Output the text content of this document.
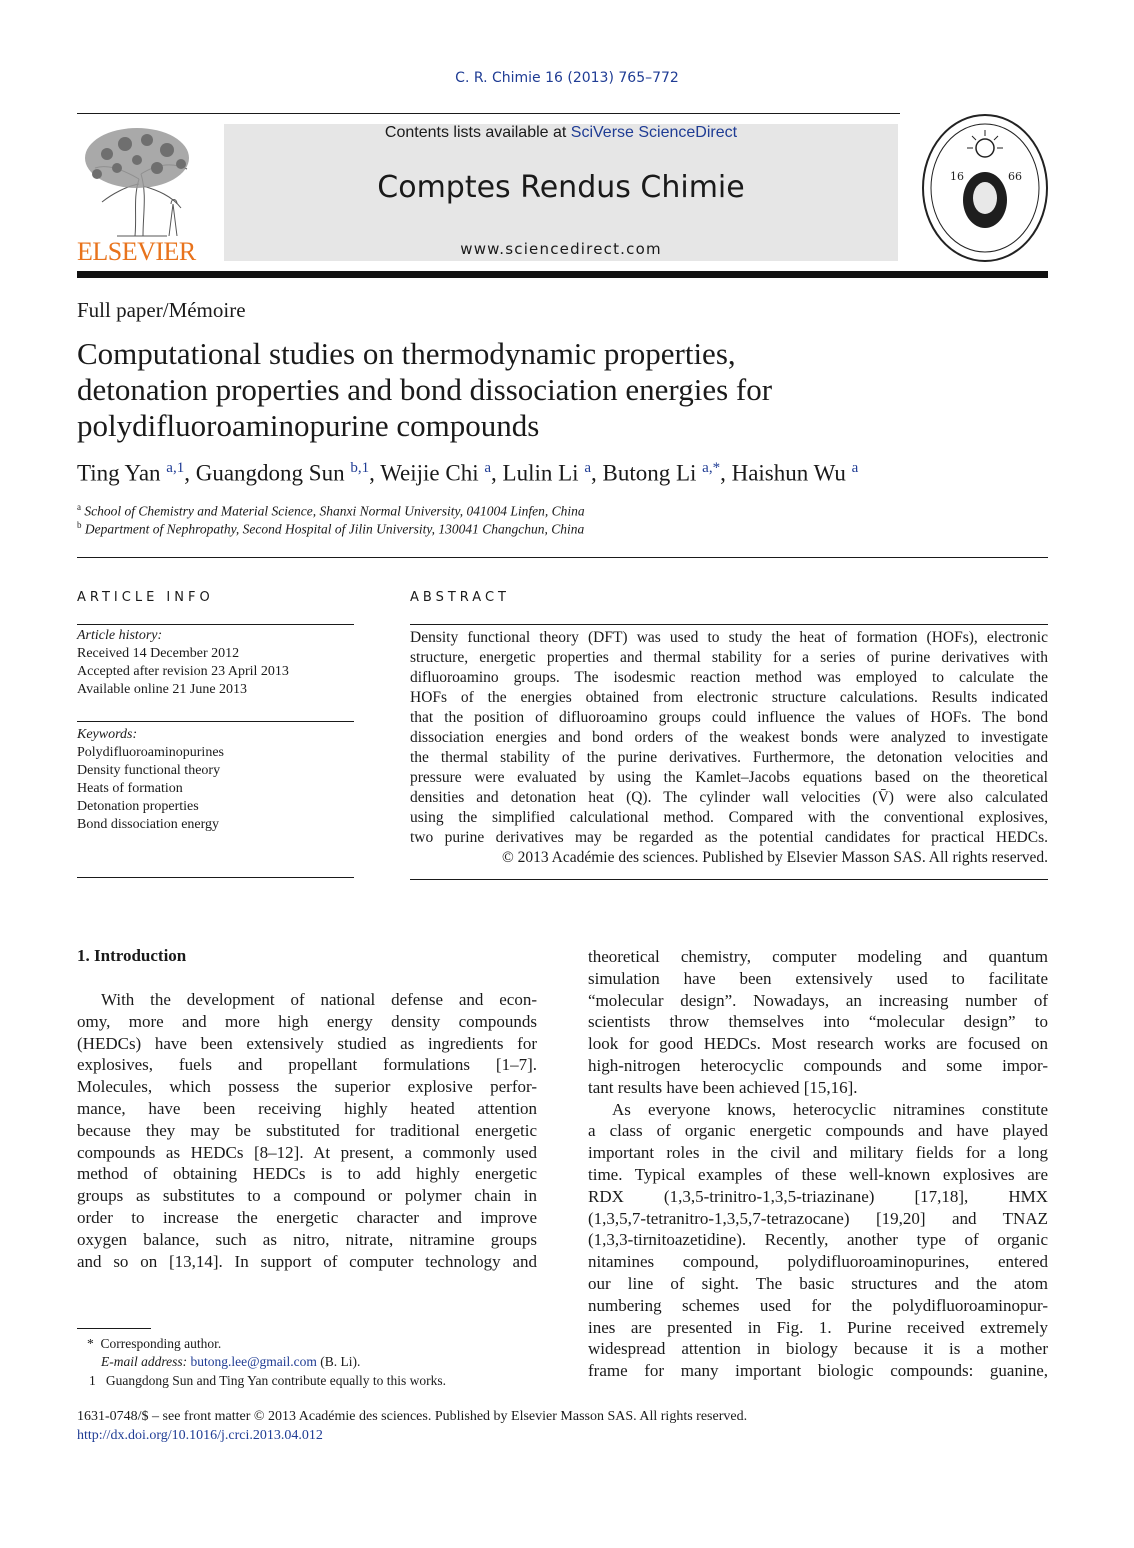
C. R. Chimie 16 (2013) 765–772
ELSEVIER
Contents lists available at SciVerse ScienceDirect
Comptes Rendus Chimie
www.sciencedirect.com
16	66
Full paper/Mémoire
Computational studies on thermodynamic properties,
detonation properties and bond dissociation energies for
polydifluoroaminopurine compounds
Ting Yan $^{a,1}$, Guangdong Sun $^{b,1}$, Weijie Chi $^a$, Lulin Li $^a$, Butong Li $^{a,*}$, Haishun Wu $^a$
$^a$ School of Chemistry and Material Science, Shanxi Normal University, 041004 Linfen, China
$^b$ Department of Nephropathy, Second Hospital of Jilin University, 130041 Changchun, China
ARTICLE INFO
Article history:
Received 14 December 2012
Accepted after revision 23 April 2013
Available online 21 June 2013
Keywords:
Polydifluoroaminopurines
Density functional theory
Heats of formation
Detonation properties
Bond dissociation energy
ABSTRACT
Density functional theory (DFT) was used to study the heat of formation (HOFs), electronic
structure, energetic properties and thermal stability for a series of purine derivatives with
difluoroamino groups. The isodesmic reaction method was employed to calculate the
HOFs of the energies obtained from electronic structure calculations. Results indicated
that the position of difluoroamino groups could influence the values of HOFs. The bond
dissociation energies and bond orders of the weakest bonds were analyzed to investigate
the thermal stability of the purine derivatives. Furthermore, the detonation velocities and
pressure were evaluated by using the Kamlet–Jacobs equations based on the theoretical
densities and detonation heat (Q). The cylinder wall velocities (V̄) were also calculated
using the simplified calculational method. Compared with the conventional explosives,
two purine derivatives may be regarded as the potential candidates for practical HEDCs.
© 2013 Académie des sciences. Published by Elsevier Masson SAS. All rights reserved.
1. Introduction
With the development of national defense and econ-
omy, more and more high energy density compounds
(HEDCs) have been extensively studied as ingredients for
explosives, fuels and propellant formulations [1–7].
Molecules, which possess the superior explosive perfor-
mance, have been receiving highly heated attention
because they may be substituted for traditional energetic
compounds as HEDCs [8–12]. At present, a commonly used
method of obtaining HEDCs is to add highly energetic
groups as substitutes to a compound or polymer chain in
order to increase the energetic character and improve
oxygen balance, such as nitro, nitrate, nitramine groups
and so on [13,14]. In support of computer technology and
theoretical chemistry, computer modeling and quantum
simulation have been extensively used to facilitate
“molecular design”. Nowadays, an increasing number of
scientists throw themselves into “molecular design” to
look for good HEDCs. Most research works are focused on
high-nitrogen heterocyclic compounds and some impor-
tant results have been achieved [15,16].
As everyone knows, heterocyclic nitramines constitute
a class of organic energetic compounds and have played
important roles in the civil and military fields for a long
time. Typical examples of these well-known explosives are
RDX (1,3,5-trinitro-1,3,5-triazinane) [17,18], HMX
(1,3,5,7-tetranitro-1,3,5,7-tetrazocane) [19,20] and TNAZ
(1,3,3-tirnitoazetidine). Recently, another type of organic
nitamines compound, polydifluoroaminopurines, entered
our line of sight. The basic structures and the atom
numbering schemes used for the polydifluoroaminopur-
ines are presented in Fig. 1. Purine received extremely
widespread attention in biology because it is a mother
frame for many important biologic compounds: guanine,
* Corresponding author.
E-mail address: butong.lee@gmail.com (B. Li).
1 Guangdong Sun and Ting Yan contribute equally to this works.
1631-0748/$ – see front matter © 2013 Académie des sciences. Published by Elsevier Masson SAS. All rights reserved.
http://dx.doi.org/10.1016/j.crci.2013.04.012
